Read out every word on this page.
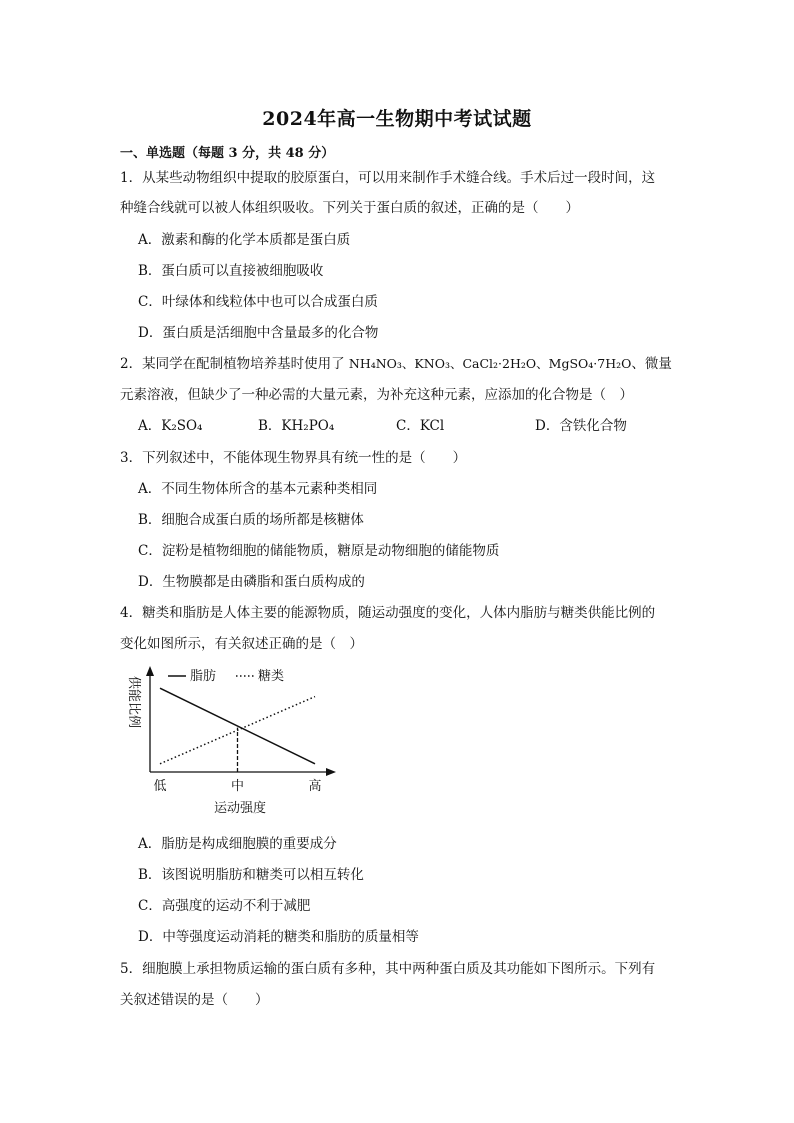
2024年高一生物期中考试试题
一、单选题（每题 3 分，共 48 分）
1．从某些动物组织中提取的胶原蛋白，可以用来制作手术缝合线。手术后过一段时间，这
种缝合线就可以被人体组织吸收。下列关于蛋白质的叙述，正确的是（　　）
A．激素和酶的化学本质都是蛋白质
B．蛋白质可以直接被细胞吸收
C．叶绿体和线粒体中也可以合成蛋白质
D．蛋白质是活细胞中含量最多的化合物
2．某同学在配制植物培养基时使用了 NH₄NO₃、KNO₃、CaCl₂·2H₂O、MgSO₄·7H₂O、微量
元素溶液，但缺少了一种必需的大量元素，为补充这种元素，应添加的化合物是（　）
A．K₂SO₄	B．KH₂PO₄	C．KCl	D．含铁化合物
3．下列叙述中，不能体现生物界具有统一性的是（　　）
A．不同生物体所含的基本元素种类相同
B．细胞合成蛋白质的场所都是核糖体
C．淀粉是植物细胞的储能物质，糖原是动物细胞的储能物质
D．生物膜都是由磷脂和蛋白质构成的
4．糖类和脂肪是人体主要的能源物质，随运动强度的变化，人体内脂肪与糖类供能比例的
变化如图所示，有关叙述正确的是（　）
脂肪	糖类
供能比例
低	中	高
运动强度
A．脂肪是构成细胞膜的重要成分
B．该图说明脂肪和糖类可以相互转化
C．高强度的运动不利于减肥
D．中等强度运动消耗的糖类和脂肪的质量相等
5．细胞膜上承担物质运输的蛋白质有多种，其中两种蛋白质及其功能如下图所示。下列有
关叙述错误的是（　　）
